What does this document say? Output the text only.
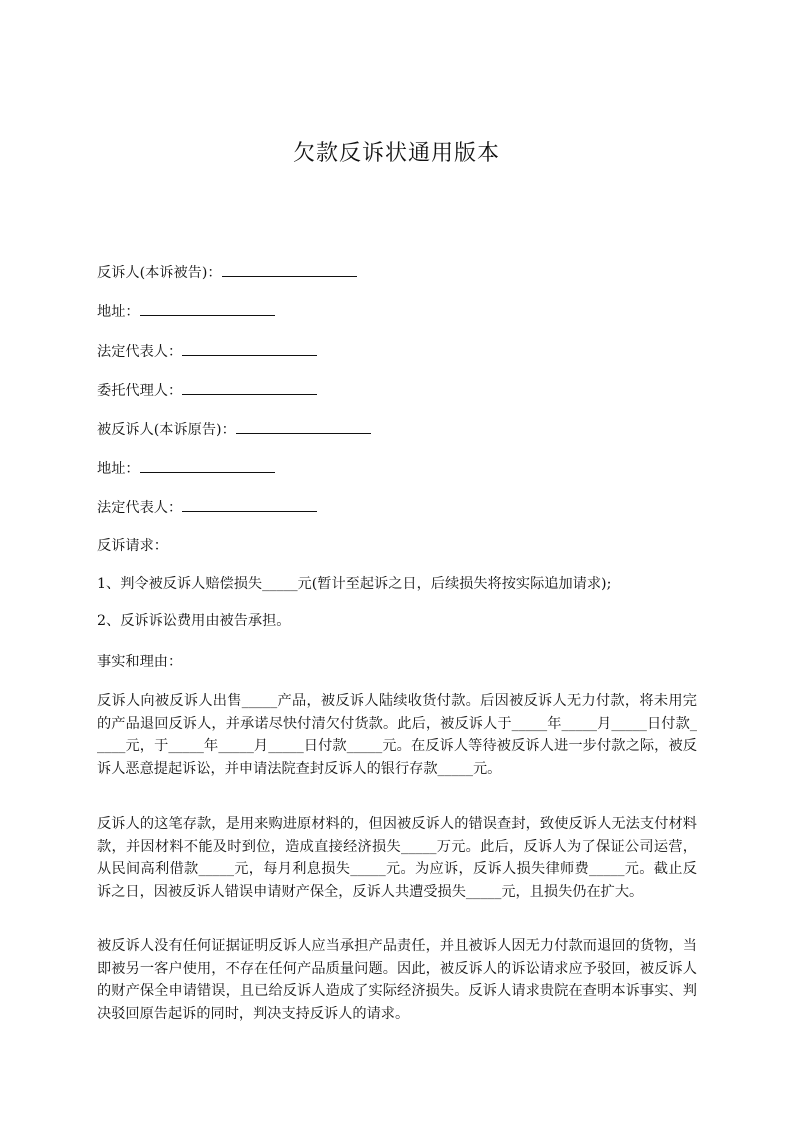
欠款反诉状通用版本
反诉人(本诉被告)：
地址：
法定代表人：
委托代理人：
被反诉人(本诉原告)：
地址：
法定代表人：
反诉请求：
1、判令被反诉人赔偿损失_____元(暂计至起诉之日，后续损失将按实际追加请求);
2、反诉诉讼费用由被告承担。
事实和理由：
反诉人向被反诉人出售_____产品，被反诉人陆续收货付款。后因被反诉人无力付款，将未用完的产品退回反诉人，并承诺尽快付清欠付货款。此后，被反诉人于_____年_____月_____日付款_____元，于_____年_____月_____日付款_____元。在反诉人等待被反诉人进一步付款之际，被反诉人恶意提起诉讼，并申请法院查封反诉人的银行存款_____元。
反诉人的这笔存款，是用来购进原材料的，但因被反诉人的错误查封，致使反诉人无法支付材料款，并因材料不能及时到位，造成直接经济损失_____万元。此后，反诉人为了保证公司运营，从民间高利借款_____元，每月利息损失_____元。为应诉，反诉人损失律师费_____元。截止反诉之日，因被反诉人错误申请财产保全，反诉人共遭受损失_____元，且损失仍在扩大。
被反诉人没有任何证据证明反诉人应当承担产品责任，并且被诉人因无力付款而退回的货物，当即被另一客户使用，不存在任何产品质量问题。因此，被反诉人的诉讼请求应予驳回，被反诉人的财产保全申请错误，且已给反诉人造成了实际经济损失。反诉人请求贵院在查明本诉事实、判决驳回原告起诉的同时，判决支持反诉人的请求。
